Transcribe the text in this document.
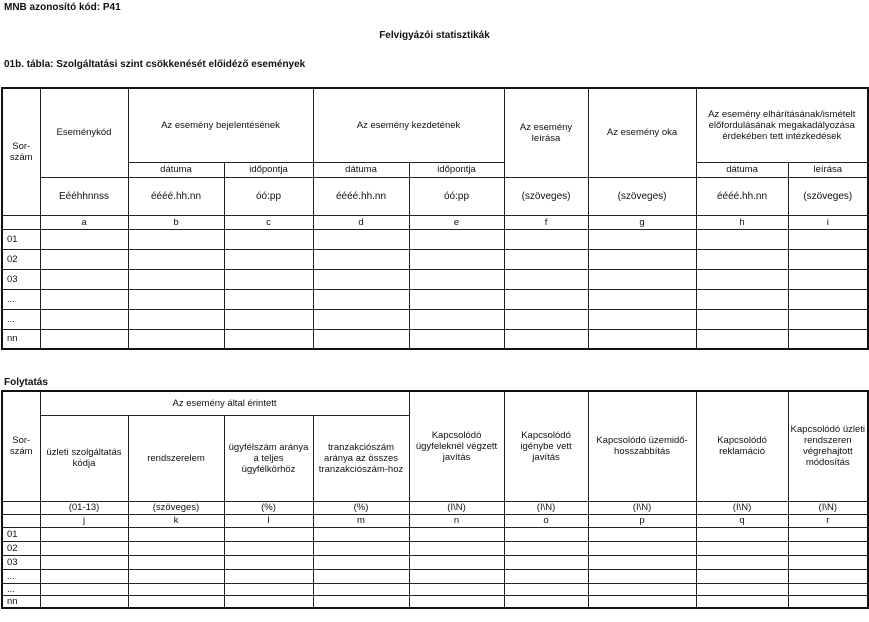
MNB azonosító kód: P41
Felvigyázói statisztikák
01b. tábla: Szolgáltatási szint csökkenését előidéző események
Sor-szám	Eseménykód	Az esemény bejelentésének		Az esemény kezdetének		Az esemény leírása	Az esemény oka	Az esemény elhárításának/ismételt előfordulásának megakadályozása érdekében tett intézkedések	
		dátuma	időpontja	dátuma	időpontja			dátuma	leírása
	Eééhhnnss	éééé.hh.nn	óó:pp	éééé.hh.nn	óó:pp	(szöveges)	(szöveges)	éééé.hh.nn	(szöveges)
	a	b	c	d	e	f	g	h	i
01									
02									
03									
...									
...									
nn									
Folytatás
Sor-szám	Az esemény által érintett				Kapcsolódó ügyfeleknél végzett javítás	Kapcsolódó igénybe vett javítás	Kapcsolódó üzemidő-hosszabbítás	Kapcsolódó reklamáció	Kapcsolódó üzleti rendszeren végrehajtott módosítás
	üzleti szolgáltatás kódja	rendszerelem	ügyfélszám aránya a teljes ügyfélkörhöz	tranzakciószám aránya az összes tranzakciószám-hoz					
	(01-13)	(szöveges)	(%)	(%)	(I\N)	(I\N)	(I\N)	(I\N)	(I\N)
	j	k	l	m	n	o	p	q	r
01									
02									
03									
...									
...									
nn									
